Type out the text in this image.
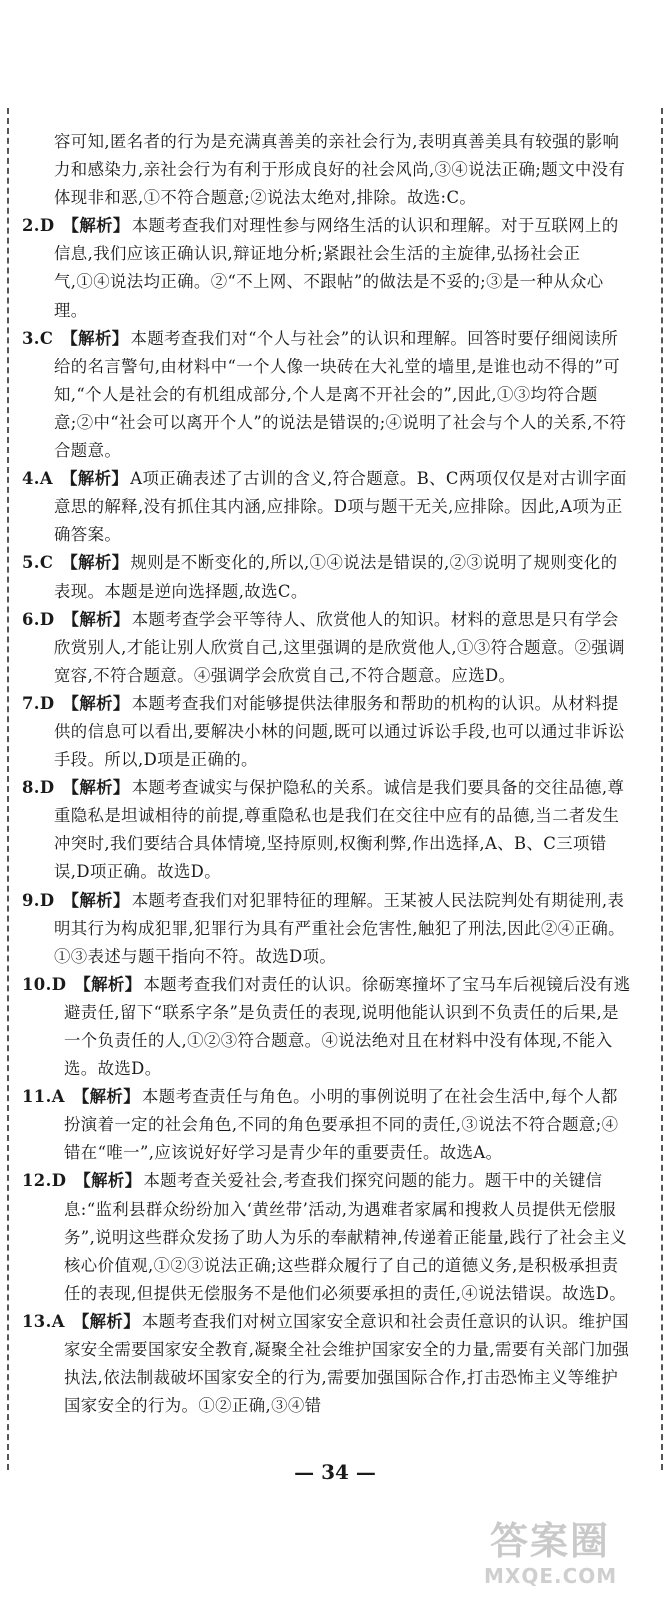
容可知,匿名者的行为是充满真善美的亲社会行为,表明真善美具有较强的影响力和感染力,亲社会行为有利于形成良好的社会风尚,③④说法正确;题文中没有体现非和恶,①不符合题意;②说法太绝对,排除。故选:C。

2.D 【解析】 本题考查我们对理性参与网络生活的认识和理解。对于互联网上的信息,我们应该正确认识,辩证地分析;紧跟社会生活的主旋律,弘扬社会正气,①④说法均正确。②“不上网、不跟帖”的做法是不妥的;③是一种从众心理。

3.C 【解析】 本题考查我们对“个人与社会”的认识和理解。回答时要仔细阅读所给的名言警句,由材料中“一个人像一块砖在大礼堂的墙里,是谁也动不得的”可知,“个人是社会的有机组成部分,个人是离不开社会的”,因此,①③均符合题意;②中“社会可以离开个人”的说法是错误的;④说明了社会与个人的关系,不符合题意。

4.A 【解析】 A项正确表述了古训的含义,符合题意。B、C两项仅仅是对古训字面意思的解释,没有抓住其内涵,应排除。D项与题干无关,应排除。因此,A项为正确答案。

5.C 【解析】 规则是不断变化的,所以,①④说法是错误的,②③说明了规则变化的表现。本题是逆向选择题,故选C。

6.D 【解析】 本题考查学会平等待人、欣赏他人的知识。材料的意思是只有学会欣赏别人,才能让别人欣赏自己,这里强调的是欣赏他人,①③符合题意。②强调宽容,不符合题意。④强调学会欣赏自己,不符合题意。应选D。

7.D 【解析】 本题考查我们对能够提供法律服务和帮助的机构的认识。从材料提供的信息可以看出,要解决小林的问题,既可以通过诉讼手段,也可以通过非诉讼手段。所以,D项是正确的。

8.D 【解析】 本题考查诚实与保护隐私的关系。诚信是我们要具备的交往品德,尊重隐私是坦诚相待的前提,尊重隐私也是我们在交往中应有的品德,当二者发生冲突时,我们要结合具体情境,坚持原则,权衡利弊,作出选择,A、B、C三项错误,D项正确。故选D。

9.D 【解析】 本题考查我们对犯罪特征的理解。王某被人民法院判处有期徒刑,表明其行为构成犯罪,犯罪行为具有严重社会危害性,触犯了刑法,因此②④正确。①③表述与题干指向不符。故选D项。

10.D 【解析】 本题考查我们对责任的认识。徐砺寒撞坏了宝马车后视镜后没有逃避责任,留下“联系字条”是负责任的表现,说明他能认识到不负责任的后果,是一个负责任的人,①②③符合题意。④说法绝对且在材料中没有体现,不能入选。故选D。

11.A 【解析】 本题考查责任与角色。小明的事例说明了在社会生活中,每个人都扮演着一定的社会角色,不同的角色要承担不同的责任,③说法不符合题意;④错在“唯一”,应该说好好学习是青少年的重要责任。故选A。

12.D 【解析】 本题考查关爱社会,考查我们探究问题的能力。题干中的关键信息:“监利县群众纷纷加入‘黄丝带’活动,为遇难者家属和搜救人员提供无偿服务”,说明这些群众发扬了助人为乐的奉献精神,传递着正能量,践行了社会主义核心价值观,①②③说法正确;这些群众履行了自己的道德义务,是积极承担责任的表现,但提供无偿服务不是他们必须要承担的责任,④说法错误。故选D。

13.A 【解析】 本题考查我们对树立国家安全意识和社会责任意识的认识。维护国家安全需要国家安全教育,凝聚全社会维护国家安全的力量,需要有关部门加强执法,依法制裁破坏国家安全的行为,需要加强国际合作,打击恐怖主义等维护国家安全的行为。①②正确,③④错

— 34 —
答案圈
MXQE.COM
